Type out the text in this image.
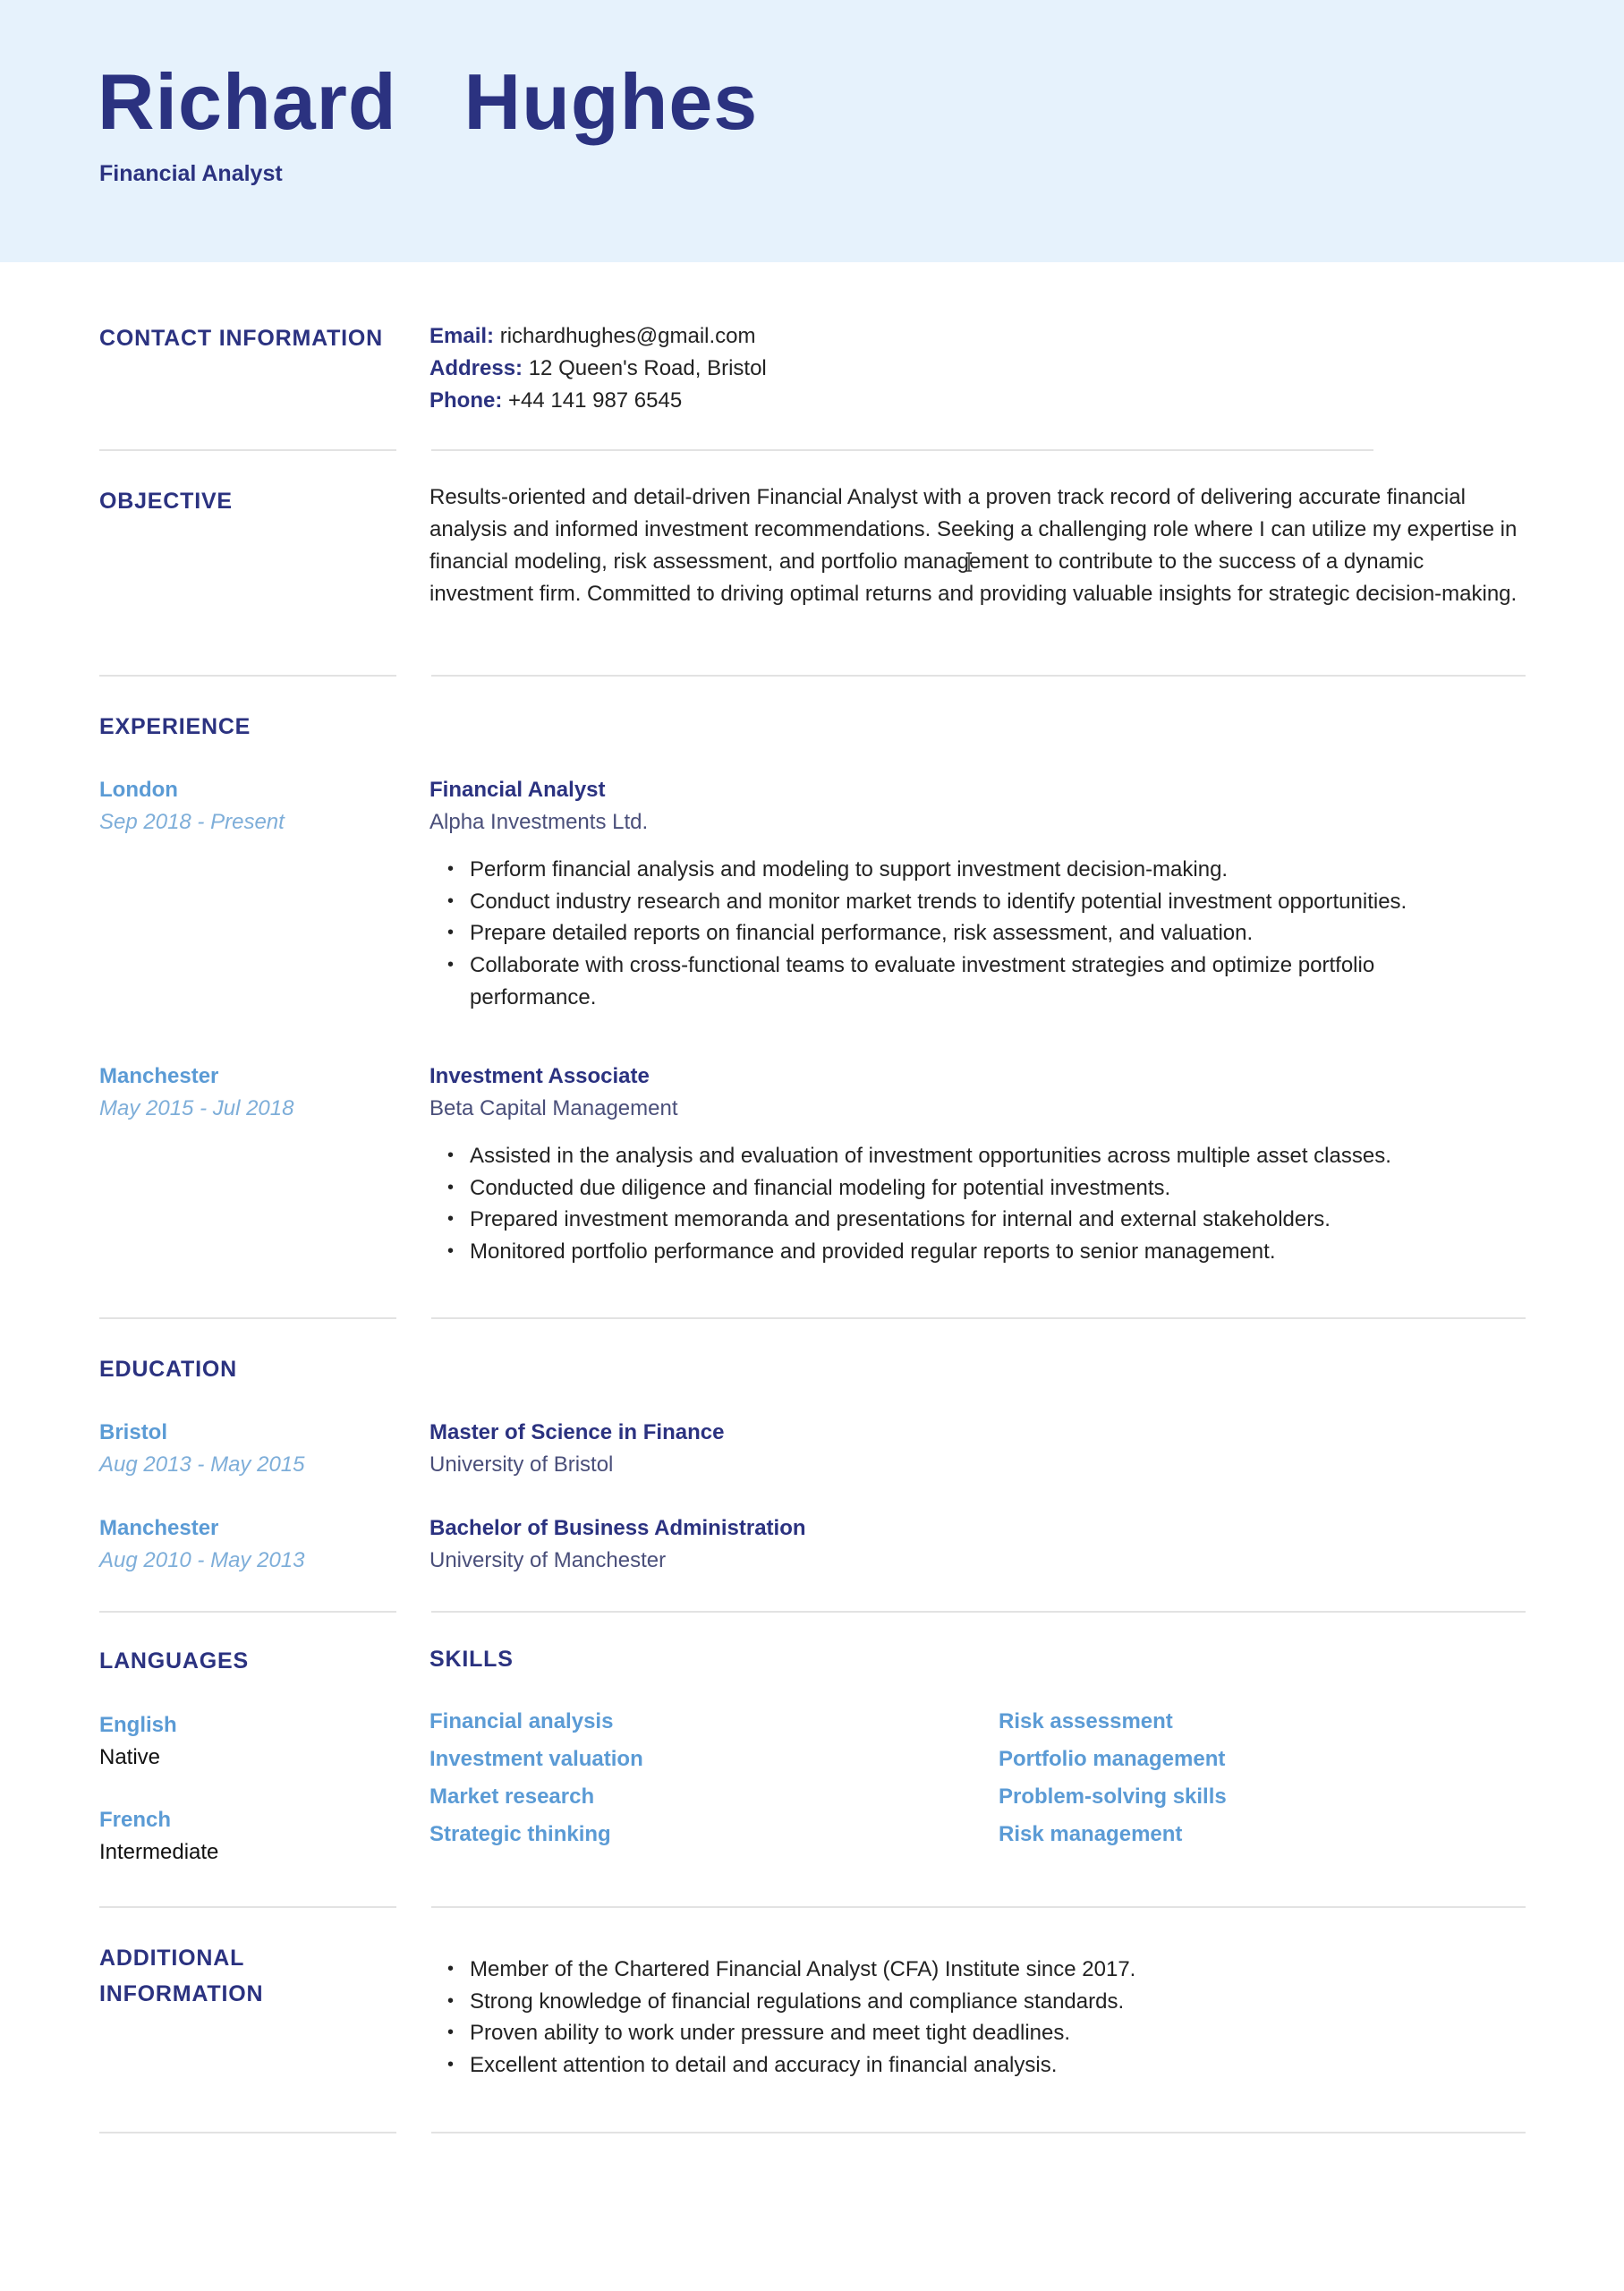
Richard  Hughes
Financial Analyst
CONTACT INFORMATION Email: richardhughes@gmail.com
Address: 12 Queen's Road, Bristol
Phone: +44 141 987 6545
OBJECTIVE	Results-oriented and detail-driven Financial Analyst with a proven track record of delivering accurate financial analysis and informed investment recommendations. Seeking a challenging role where I can utilize my expertise in financial modeling, risk assessment, and portfolio management to contribute to the success of a dynamic investment firm. Committed to driving optimal returns and providing valuable insights for strategic decision-making.
EXPERIENCE
London
Sep 2018 - Present
Financial Analyst
Alpha Investments Ltd.
• Perform financial analysis and modeling to support investment decision-making.
• Conduct industry research and monitor market trends to identify potential investment opportunities.
• Prepare detailed reports on financial performance, risk assessment, and valuation.
• Collaborate with cross-functional teams to evaluate investment strategies and optimize portfolio performance.
Manchester
May 2015 - Jul 2018
Investment Associate
Beta Capital Management
• Assisted in the analysis and evaluation of investment opportunities across multiple asset classes.
• Conducted due diligence and financial modeling for potential investments.
• Prepared investment memoranda and presentations for internal and external stakeholders.
• Monitored portfolio performance and provided regular reports to senior management.
EDUCATION
Bristol
Aug 2013 - May 2015
Master of Science in Finance
University of Bristol
Manchester
Aug 2010 - May 2013
Bachelor of Business Administration
University of Manchester
LANGUAGES
English
Native
French
Intermediate
SKILLS
Financial analysis
Investment valuation
Market research
Strategic thinking
Risk assessment
Portfolio management
Problem-solving skills
Risk management
ADDITIONAL
INFORMATION
• Member of the Chartered Financial Analyst (CFA) Institute since 2017.
• Strong knowledge of financial regulations and compliance standards.
• Proven ability to work under pressure and meet tight deadlines.
• Excellent attention to detail and accuracy in financial analysis.
